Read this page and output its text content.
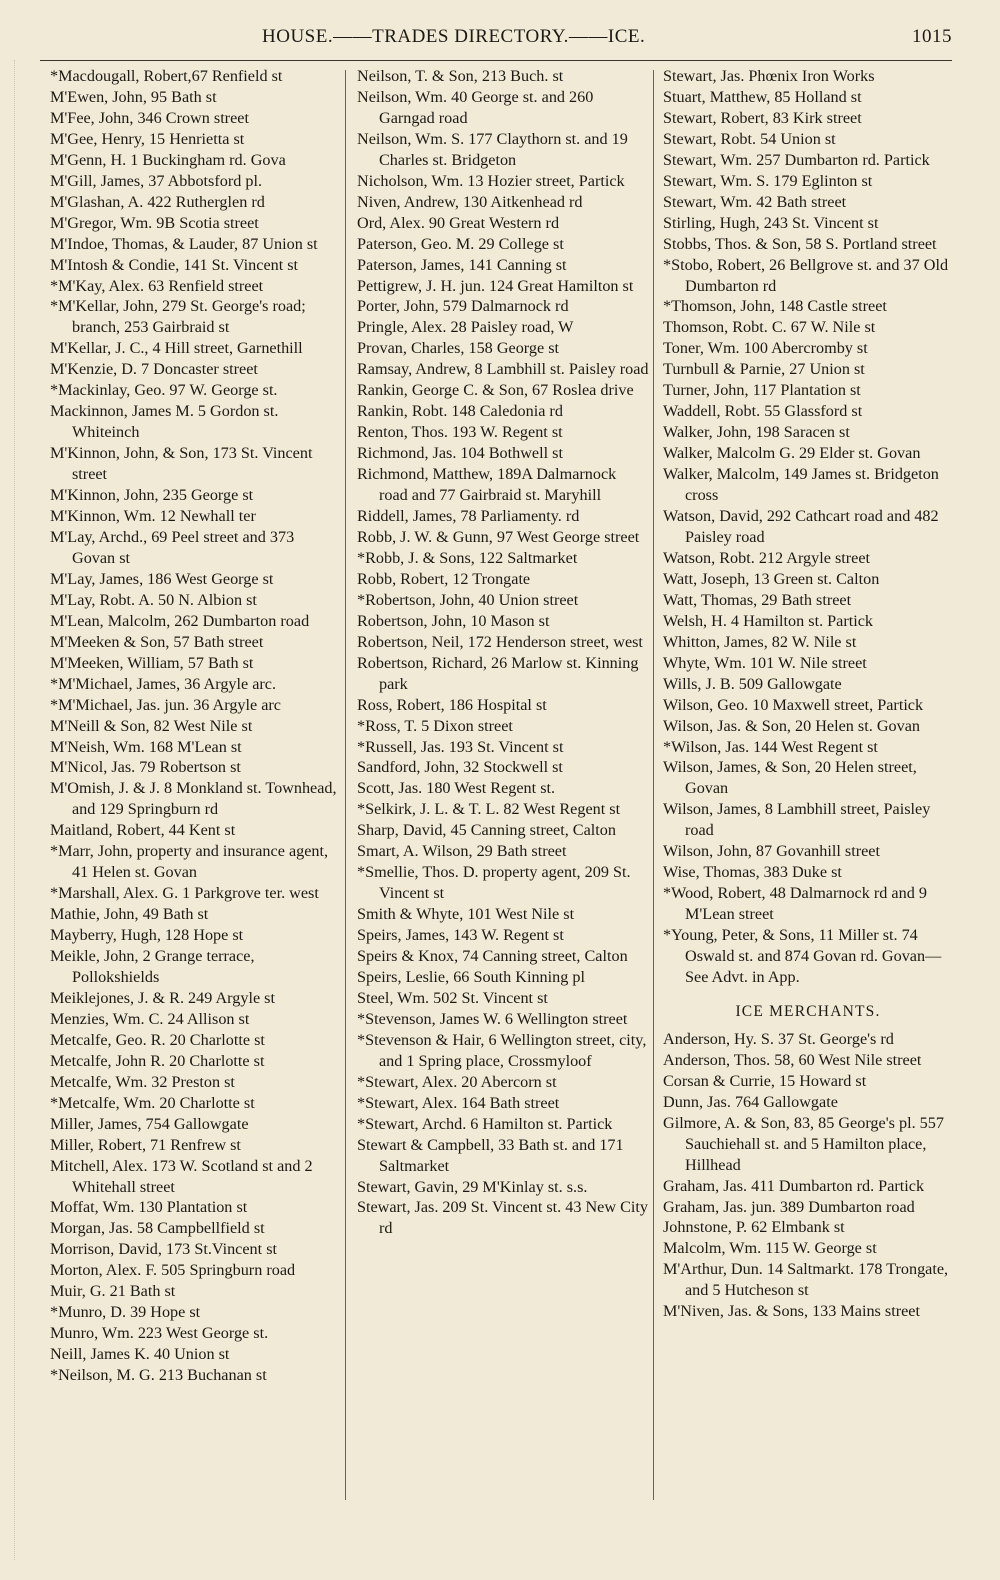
HOUSE.——TRADES DIRECTORY.——ICE.	1015
*Macdougall, Robert,67 Renfield st
M'Ewen, John, 95 Bath st
M'Fee, John, 346 Crown street
M'Gee, Henry, 15 Henrietta st
M'Genn, H. 1 Buckingham rd. Gova
M'Gill, James, 37 Abbotsford pl.
M'Glashan, A. 422 Rutherglen rd
M'Gregor, Wm. 9B Scotia street
M'Indoe, Thomas, & Lauder, 87 Union st
M'Intosh & Condie, 141 St. Vincent st
*M'Kay, Alex. 63 Renfield street
*M'Kellar, John, 279 St. George's road; branch, 253 Gairbraid st
M'Kellar, J. C., 4 Hill street, Garnethill
M'Kenzie, D. 7 Doncaster street
*Mackinlay, Geo. 97 W. George st.
Mackinnon, James M. 5 Gordon st. Whiteinch
M'Kinnon, John, & Son, 173 St. Vincent street
M'Kinnon, John, 235 George st
M'Kinnon, Wm. 12 Newhall ter
M'Lay, Archd., 69 Peel street and 373 Govan st
M'Lay, James, 186 West George st
M'Lay, Robt. A. 50 N. Albion st
M'Lean, Malcolm, 262 Dumbarton road
M'Meeken & Son, 57 Bath street
M'Meeken, William, 57 Bath st
*M'Michael, James, 36 Argyle arc.
*M'Michael, Jas. jun. 36 Argyle arc
M'Neill & Son, 82 West Nile st
M'Neish, Wm. 168 M'Lean st
M'Nicol, Jas. 79 Robertson st
M'Omish, J. & J. 8 Monkland st. Townhead, and 129 Springburn rd
Maitland, Robert, 44 Kent st
*Marr, John, property and insurance agent, 41 Helen st. Govan
*Marshall, Alex. G. 1 Parkgrove ter. west
Mathie, John, 49 Bath st
Mayberry, Hugh, 128 Hope st
Meikle, John, 2 Grange terrace, Pollokshields
Meiklejones, J. & R. 249 Argyle st
Menzies, Wm. C. 24 Allison st
Metcalfe, Geo. R. 20 Charlotte st
Metcalfe, John R. 20 Charlotte st
Metcalfe, Wm. 32 Preston st
*Metcalfe, Wm. 20 Charlotte st
Miller, James, 754 Gallowgate
Miller, Robert, 71 Renfrew st
Mitchell, Alex. 173 W. Scotland st and 2 Whitehall street
Moffat, Wm. 130 Plantation st
Morgan, Jas. 58 Campbellfield st
Morrison, David, 173 St.Vincent st
Morton, Alex. F. 505 Springburn road
Muir, G. 21 Bath st
*Munro, D. 39 Hope st
Munro, Wm. 223 West George st.
Neill, James K. 40 Union st
*Neilson, M. G. 213 Buchanan st
Neilson, T. & Son, 213 Buch. st
Neilson, Wm. 40 George st. and 260 Garngad road
Neilson, Wm. S. 177 Claythorn st. and 19 Charles st. Bridgeton
Nicholson, Wm. 13 Hozier street, Partick
Niven, Andrew, 130 Aitkenhead rd
Ord, Alex. 90 Great Western rd
Paterson, Geo. M. 29 College st
Paterson, James, 141 Canning st
Pettigrew, J. H. jun. 124 Great Hamilton st
Porter, John, 579 Dalmarnock rd
Pringle, Alex. 28 Paisley road, W
Provan, Charles, 158 George st
Ramsay, Andrew, 8 Lambhill st. Paisley road
Rankin, George C. & Son, 67 Roslea drive
Rankin, Robt. 148 Caledonia rd
Renton, Thos. 193 W. Regent st
Richmond, Jas. 104 Bothwell st
Richmond, Matthew, 189A Dalmarnock road and 77 Gairbraid st. Maryhill
Riddell, James, 78 Parliamenty. rd
Robb, J. W. & Gunn, 97 West George street
*Robb, J. & Sons, 122 Saltmarket
Robb, Robert, 12 Trongate
*Robertson, John, 40 Union street
Robertson, John, 10 Mason st
Robertson, Neil, 172 Henderson street, west
Robertson, Richard, 26 Marlow st. Kinning park
Ross, Robert, 186 Hospital st
*Ross, T. 5 Dixon street
*Russell, Jas. 193 St. Vincent st
Sandford, John, 32 Stockwell st
Scott, Jas. 180 West Regent st.
*Selkirk, J. L. & T. L. 82 West Regent st
Sharp, David, 45 Canning street, Calton
Smart, A. Wilson, 29 Bath street
*Smellie, Thos. D. property agent, 209 St. Vincent st
Smith & Whyte, 101 West Nile st
Speirs, James, 143 W. Regent st
Speirs & Knox, 74 Canning street, Calton
Speirs, Leslie, 66 South Kinning pl
Steel, Wm. 502 St. Vincent st
*Stevenson, James W. 6 Wellington street
*Stevenson & Hair, 6 Wellington street, city, and 1 Spring place, Crossmyloof
*Stewart, Alex. 20 Abercorn st
*Stewart, Alex. 164 Bath street
*Stewart, Archd. 6 Hamilton st. Partick
Stewart & Campbell, 33 Bath st. and 171 Saltmarket
Stewart, Gavin, 29 M'Kinlay st. s.s.
Stewart, Jas. 209 St. Vincent st. 43 New City rd
Stewart, Jas. Phœnix Iron Works
Stuart, Matthew, 85 Holland st
Stewart, Robert, 83 Kirk street
Stewart, Robt. 54 Union st
Stewart, Wm. 257 Dumbarton rd. Partick
Stewart, Wm. S. 179 Eglinton st
Stewart, Wm. 42 Bath street
Stirling, Hugh, 243 St. Vincent st
Stobbs, Thos. & Son, 58 S. Portland street
*Stobo, Robert, 26 Bellgrove st. and 37 Old Dumbarton rd
*Thomson, John, 148 Castle street
Thomson, Robt. C. 67 W. Nile st
Toner, Wm. 100 Abercromby st
Turnbull & Parnie, 27 Union st
Turner, John, 117 Plantation st
Waddell, Robt. 55 Glassford st
Walker, John, 198 Saracen st
Walker, Malcolm G. 29 Elder st. Govan
Walker, Malcolm, 149 James st. Bridgeton cross
Watson, David, 292 Cathcart road and 482 Paisley road
Watson, Robt. 212 Argyle street
Watt, Joseph, 13 Green st. Calton
Watt, Thomas, 29 Bath street
Welsh, H. 4 Hamilton st. Partick
Whitton, James, 82 W. Nile st
Whyte, Wm. 101 W. Nile street
Wills, J. B. 509 Gallowgate
Wilson, Geo. 10 Maxwell street, Partick
Wilson, Jas. & Son, 20 Helen st. Govan
*Wilson, Jas. 144 West Regent st
Wilson, James, & Son, 20 Helen street, Govan
Wilson, James, 8 Lambhill street, Paisley road
Wilson, John, 87 Govanhill street
Wise, Thomas, 383 Duke st
*Wood, Robert, 48 Dalmarnock rd and 9 M'Lean street
*Young, Peter, & Sons, 11 Miller st. 74 Oswald st. and 874 Govan rd. Govan—See Advt. in App.
ICE MERCHANTS.
Anderson, Hy. S. 37 St. George's rd
Anderson, Thos. 58, 60 West Nile street
Corsan & Currie, 15 Howard st
Dunn, Jas. 764 Gallowgate
Gilmore, A. & Son, 83, 85 George's pl. 557 Sauchiehall st. and 5 Hamilton place, Hillhead
Graham, Jas. 411 Dumbarton rd. Partick
Graham, Jas. jun. 389 Dumbarton road
Johnstone, P. 62 Elmbank st
Malcolm, Wm. 115 W. George st
M'Arthur, Dun. 14 Saltmarkt. 178 Trongate, and 5 Hutcheson st
M'Niven, Jas. & Sons, 133 Mains street
